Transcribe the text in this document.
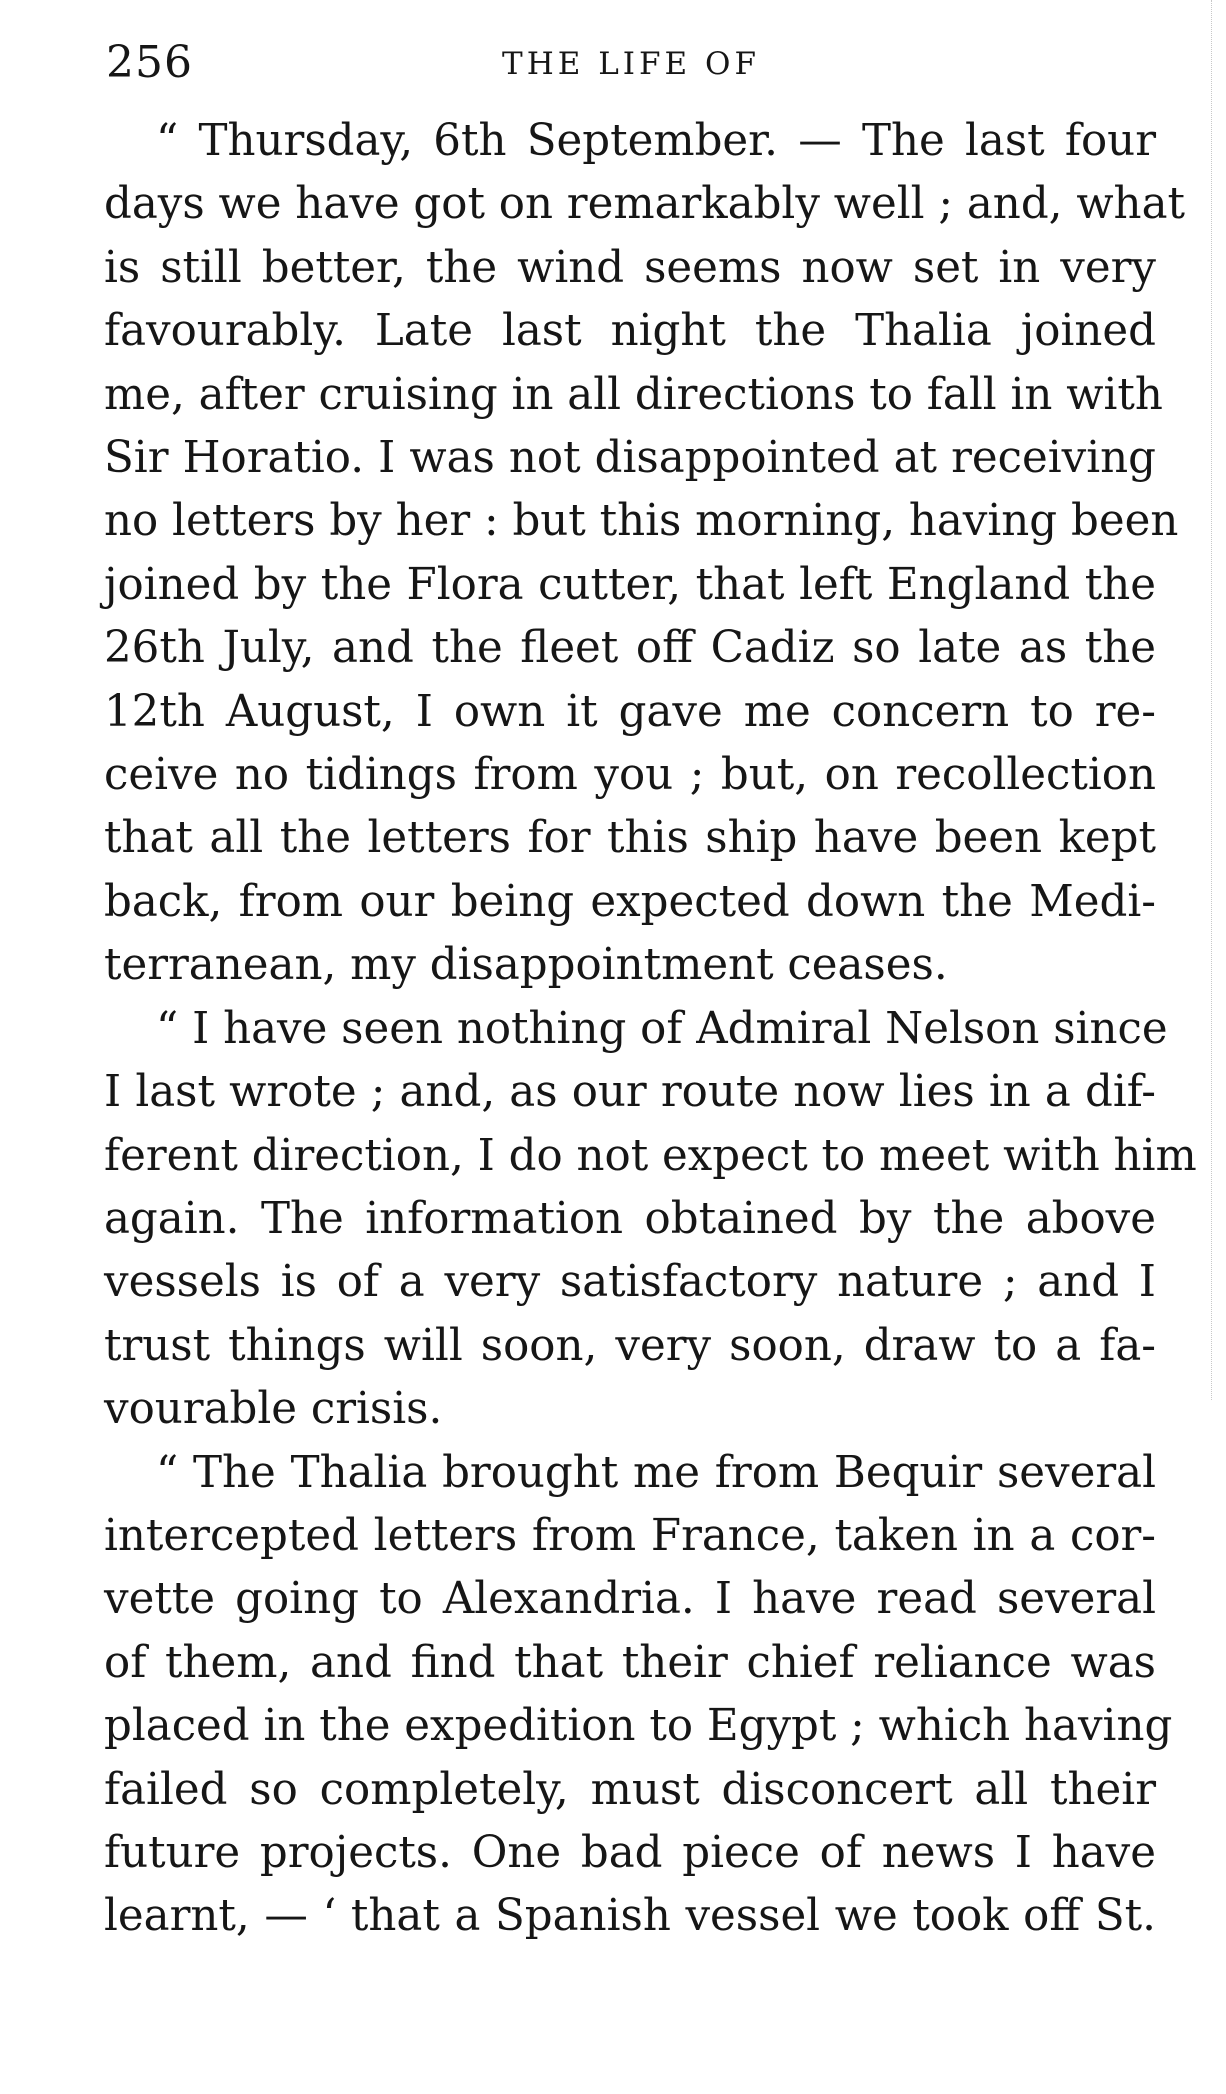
256	THE LIFE OF

“ Thursday, 6th September. — The last four
days we have got on remarkably well ; and, what
is still better, the wind seems now set in very
favourably. Late last night the Thalia joined
me, after cruising in all directions to fall in with
Sir Horatio. I was not disappointed at receiving
no letters by her : but this morning, having been
joined by the Flora cutter, that left England the
26th July, and the fleet off Cadiz so late as the
12th August, I own it gave me concern to re-
ceive no tidings from you ; but, on recollection
that all the letters for this ship have been kept
back, from our being expected down the Medi-
terranean, my disappointment ceases.

“ I have seen nothing of Admiral Nelson since
I last wrote ; and, as our route now lies in a dif-
ferent direction, I do not expect to meet with him
again. The information obtained by the above
vessels is of a very satisfactory nature ; and I
trust things will soon, very soon, draw to a fa-
vourable crisis.

“ The Thalia brought me from Bequir several
intercepted letters from France, taken in a cor-
vette going to Alexandria. I have read several
of them, and find that their chief reliance was
placed in the expedition to Egypt ; which having
failed so completely, must disconcert all their
future projects. One bad piece of news I have
learnt, — ‘ that a Spanish vessel we took off St.
